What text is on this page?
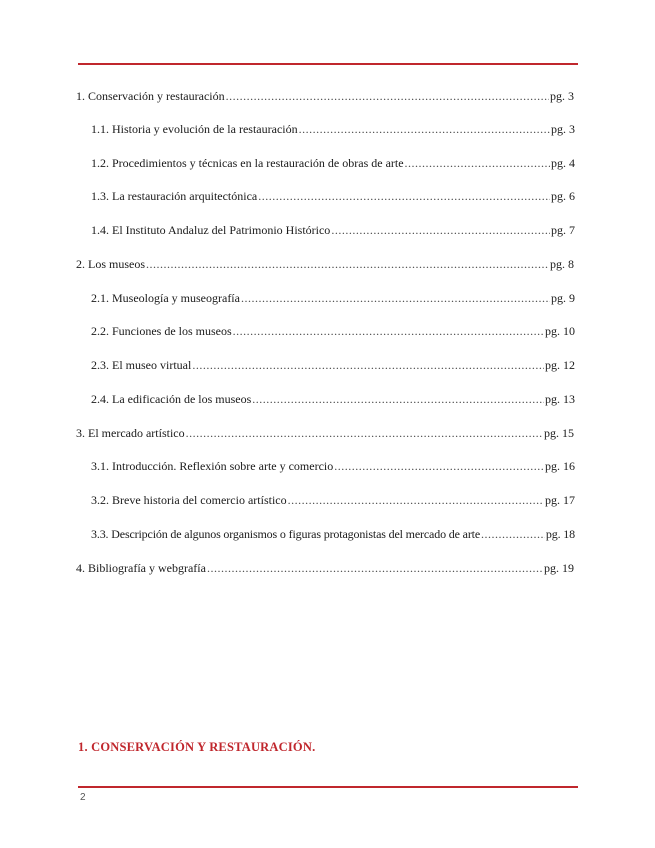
1. Conservación y restauración .....	pg. 3
1.1. Historia y evolución de la restauración .....	pg. 3
1.2. Procedimientos y técnicas en la restauración de obras de arte .....	pg. 4
1.3. La restauración arquitectónica .....	pg. 6
1.4. El Instituto Andaluz del Patrimonio Histórico .....	pg. 7
2. Los museos .....	pg. 8
2.1. Museología y museografía .....	pg. 9
2.2. Funciones de los museos .....	pg. 10
2.3. El museo virtual .....	pg. 12
2.4. La edificación de los museos .....	pg. 13
3. El mercado artístico .....	pg. 15
3.1. Introducción. Reflexión sobre arte y comercio .....	pg. 16
3.2. Breve historia del comercio artístico .....	pg. 17
3.3. Descripción de algunos organismos o figuras protagonistas del mercado de arte .....	pg. 18
4. Bibliografía y webgrafía .....	pg. 19
1. CONSERVACIÓN Y RESTAURACIÓN.
2
